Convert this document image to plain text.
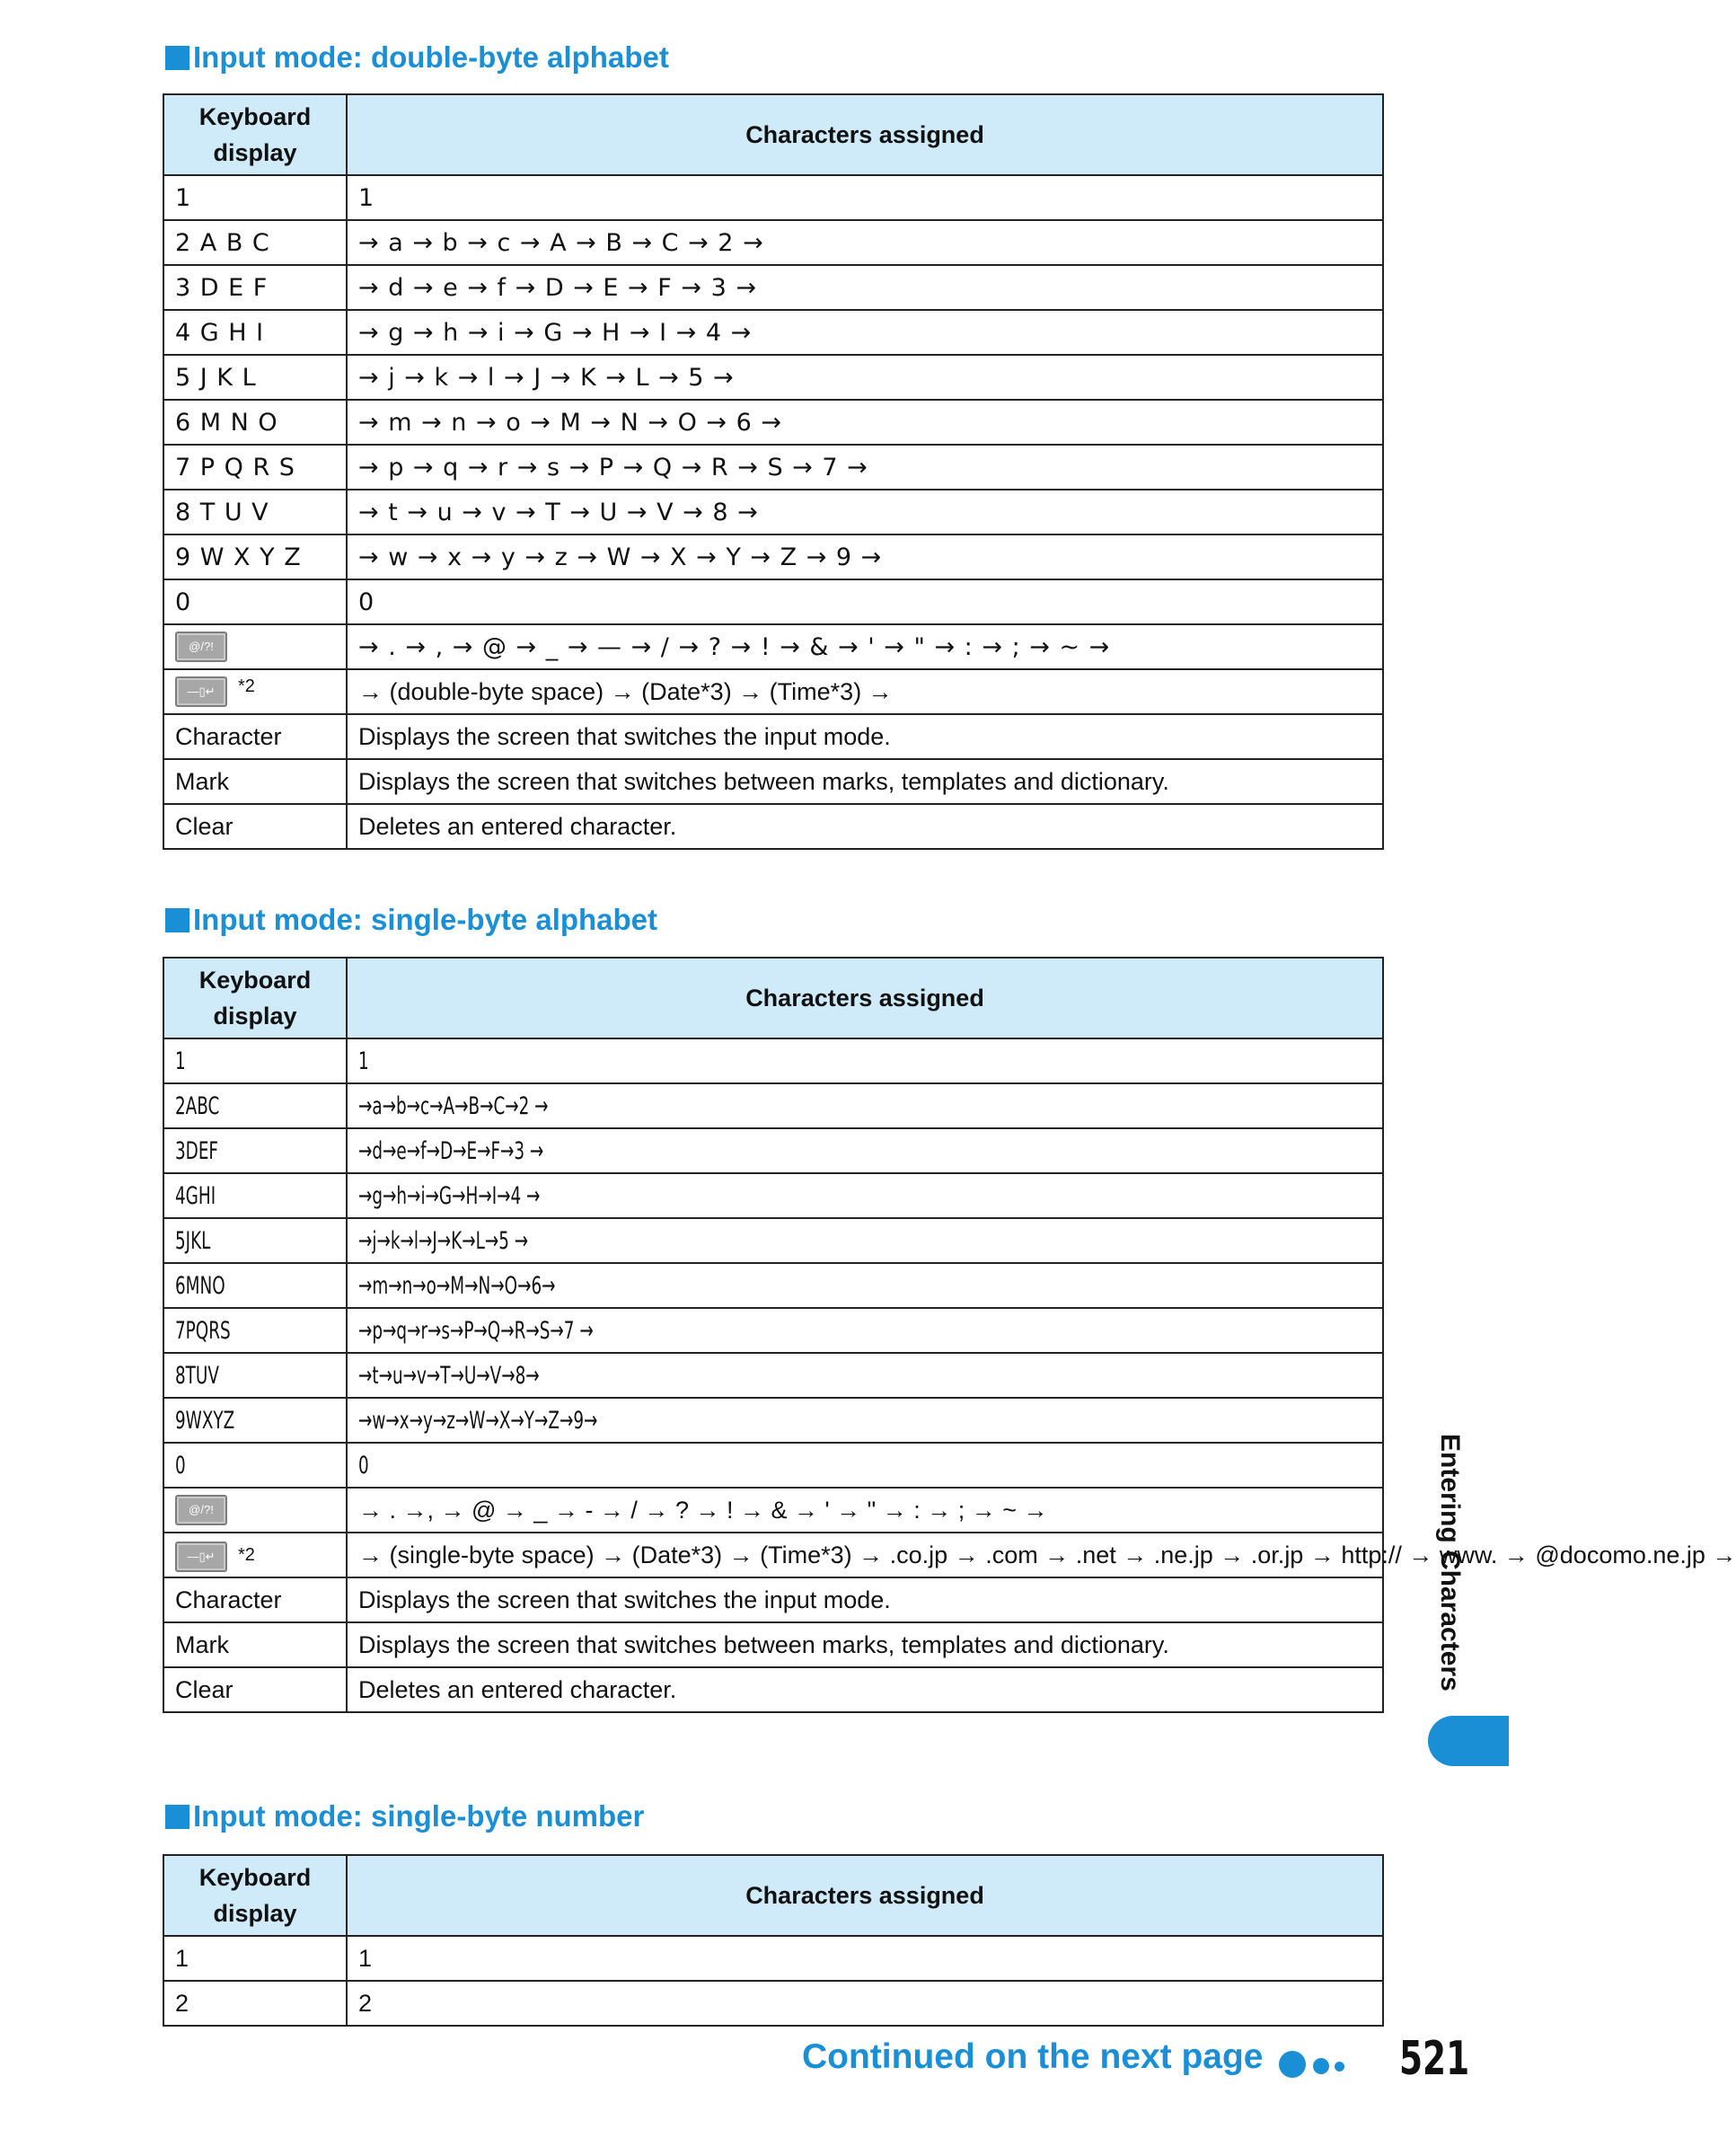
Input mode: double-byte alphabet
Keyboard display	Characters assigned
1	1
2 A B C	→ a → b → c → A → B → C → 2 →
3 D E F	→ d → e → f → D → E → F → 3 →
4 G H I	→ g → h → i → G → H → I → 4 →
5 J K L	→ j → k → l → J → K → L → 5 →
6 M N O	→ m → n → o → M → N → O → 6 →
7 P Q R S	→ p → q → r → s → P → Q → R → S → 7 →
8 T U V	→ t → u → v → T → U → V → 8 →
9 W X Y Z	→ w → x → y → z → W → X → Y → Z → 9 →
0	0
@/?!	→ . → , → @ → _ → — → / → ? → ! → & → ' → " → : → ; → ~ →
—▯↵ $^{*2}$	→ (double-byte space) → (Date*3) → (Time*3) →
Character	Displays the screen that switches the input mode.
Mark	Displays the screen that switches between marks, templates and dictionary.
Clear	Deletes an entered character.
Input mode: single-byte alphabet
Keyboard display	Characters assigned
1	1
2ABC	→a→b→c→A→B→C→2 →
3DEF	→d→e→f→D→E→F→3 →
4GHI	→g→h→i→G→H→I→4 →
5JKL	→j→k→l→J→K→L→5 →
6MNO	→m→n→o→M→N→O→6→
7PQRS	→p→q→r→s→P→Q→R→S→7 →
8TUV	→t→u→v→T→U→V→8→
9WXYZ	→w→x→y→z→W→X→Y→Z→9→
0	0
@/?!	→ . →, → @ → _ → - → / → ? → ! → & → ' → " → : → ; → ~ →
—▯↵ $^{*2}$	→ (single-byte space) → (Date*3) → (Time*3) → .co.jp → .com → .net → .ne.jp → .or.jp → http:// → www. → @docomo.ne.jp →
Character	Displays the screen that switches the input mode.
Mark	Displays the screen that switches between marks, templates and dictionary.
Clear	Deletes an entered character.
Input mode: single-byte number
Keyboard display	Characters assigned
1	1
2	2
Entering Characters
Continued on the next page	521
